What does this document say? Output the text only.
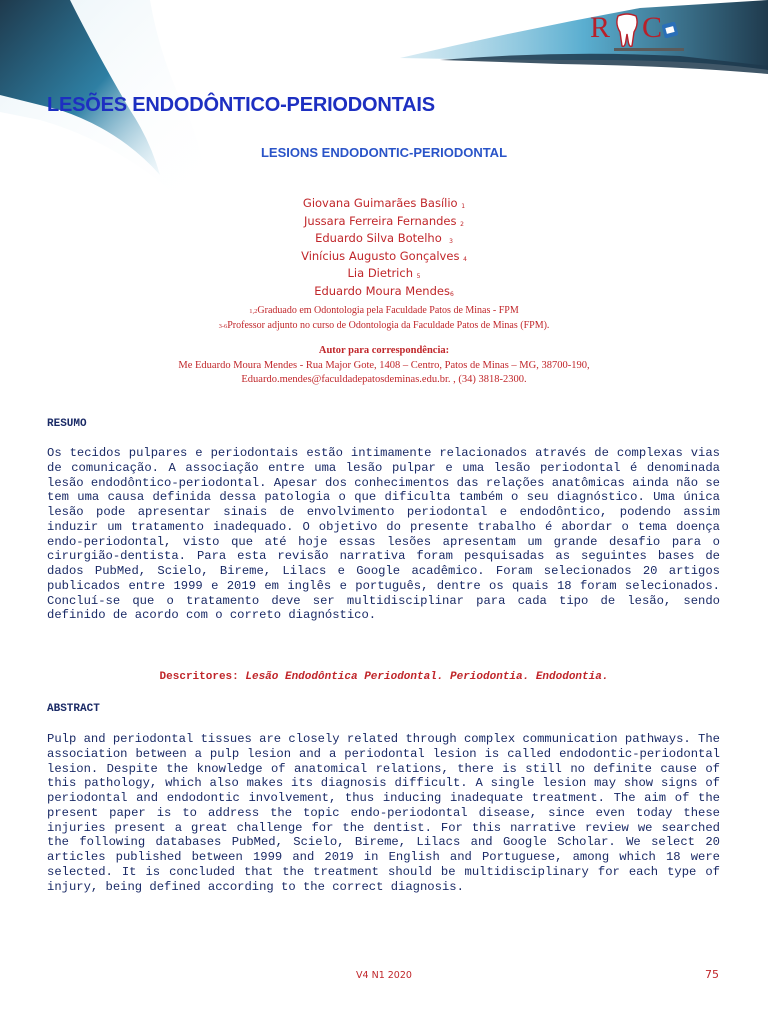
R C
LESÕES ENDODÔNTICO-PERIODONTAIS
LESIONS ENDODONTIC-PERIODONTAL
Giovana Guimarães Basílio $_1$
Jussara Ferreira Fernandes $_2$
Eduardo Silva Botelho $_3$
Vinícius Augusto Gonçalves $_4$
Lia Dietrich $_5$
Eduardo Moura Mendes$_6$
1,2Graduado em Odontologia pela Faculdade Patos de Minas - FPM
3-6Professor adjunto no curso de Odontologia da Faculdade Patos de Minas (FPM).
Autor para correspondência:
Me Eduardo Moura Mendes - Rua Major Gote, 1408 – Centro, Patos de Minas – MG, 38700-190,
Eduardo.mendes@faculdadepatosdeminas.edu.br. , (34) 3818-2300.
RESUMO

Os tecidos pulpares e periodontais estão intimamente relacionados através de complexas vias de comunicação. A associação entre uma lesão pulpar e uma lesão periodontal é denominada lesão endodôntico-periodontal. Apesar dos conhecimentos das relações anatômicas ainda não se tem uma causa definida dessa patologia o que dificulta também o seu diagnóstico. Uma única lesão pode apresentar sinais de envolvimento periodontal e endodôntico, podendo assim induzir um tratamento inadequado. O objetivo do presente trabalho é abordar o tema doença endo-periodontal, visto que até hoje essas lesões apresentam um grande desafio para o cirurgião-dentista. Para esta revisão narrativa foram pesquisadas as seguintes bases de dados PubMed, Scielo, Bireme, Lilacs e Google acadêmico. Foram selecionados 20 artigos publicados entre 1999 e 2019 em inglês e português, dentre os quais 18 foram selecionados. Concluí-se que o tratamento deve ser multidisciplinar para cada tipo de lesão, sendo definido de acordo com o correto diagnóstico.

Descritores: Lesão Endodôntica Periodontal. Periodontia. Endodontia.
ABSTRACT

Pulp and periodontal tissues are closely related through complex communication pathways. The association between a pulp lesion and a periodontal lesion is called endodontic-periodontal lesion. Despite the knowledge of anatomical relations, there is still no definite cause of this pathology, which also makes its diagnosis difficult. A single lesion may show signs of periodontal and endodontic involvement, thus inducing inadequate treatment. The aim of the present paper is to address the topic endo-periodontal disease, since even today these injuries present a great challenge for the dentist. For this narrative review we searched the following databases PubMed, Scielo, Bireme, Lilacs and Google Scholar. We select 20 articles published between 1999 and 2019 in English and Portuguese, among which 18 were selected. It is concluded that the treatment should be multidisciplinary for each type of injury, being defined according to the correct diagnosis.

V4 N1 2020	75
